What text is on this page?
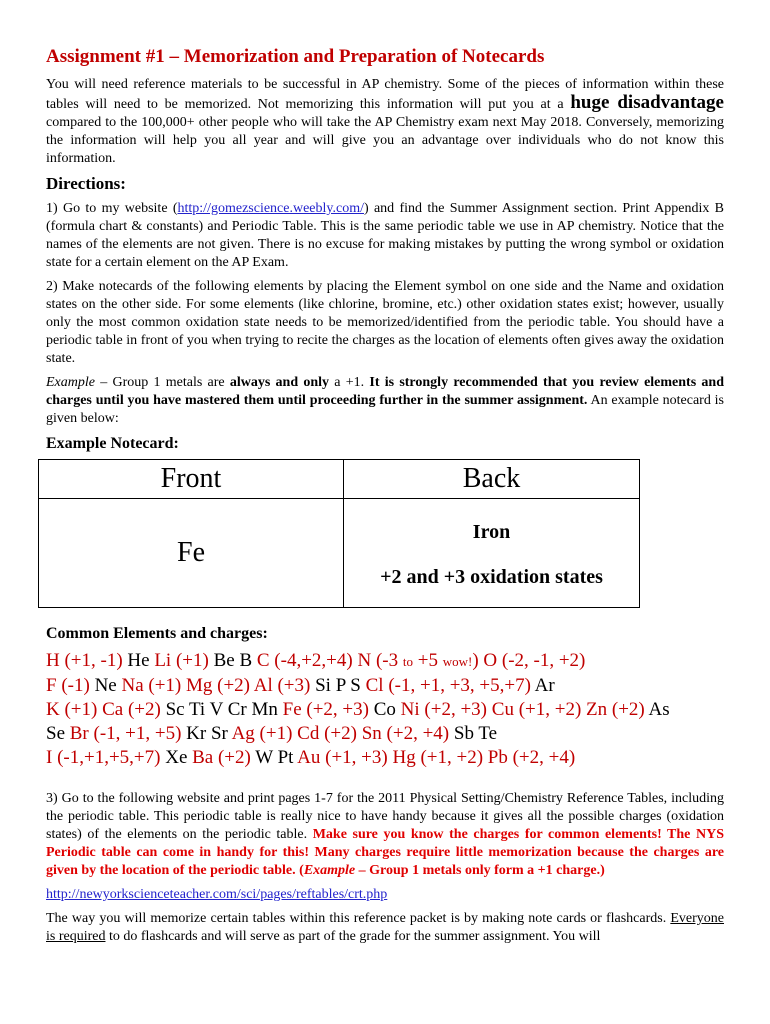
Assignment #1 – Memorization and Preparation of Notecards

You will need reference materials to be successful in AP chemistry. Some of the pieces of information within these tables will need to be memorized. Not memorizing this information will put you at a huge disadvantage compared to the 100,000+ other people who will take the AP Chemistry exam next May 2018. Conversely, memorizing the information will help you all year and will give you an advantage over individuals who do not know this information.

Directions:

1) Go to my website (http://gomezscience.weebly.com/) and find the Summer Assignment section. Print Appendix B (formula chart & constants) and Periodic Table. This is the same periodic table we use in AP chemistry. Notice that the names of the elements are not given. There is no excuse for making mistakes by putting the wrong symbol or oxidation state for a certain element on the AP Exam.

2) Make notecards of the following elements by placing the Element symbol on one side and the Name and oxidation states on the other side. For some elements (like chlorine, bromine, etc.) other oxidation states exist; however, usually only the most common oxidation state needs to be memorized/identified from the periodic table. You should have a periodic table in front of you when trying to recite the charges as the location of elements often gives away the oxidation state.

Example – Group 1 metals are always and only a +1. It is strongly recommended that you review elements and charges until you have mastered them until proceeding further in the summer assignment. An example notecard is given below:

Example Notecard:
Front	Back
Fe	Iron
+2 and +3 oxidation states
Common Elements and charges:
H (+1, -1) He Li (+1) Be B C (-4,+2,+4) N (-3 to +5 wow!) O (-2, -1, +2)
F (-1) Ne Na (+1) Mg (+2) Al (+3) Si P S Cl (-1, +1, +3, +5,+7) Ar
K (+1) Ca (+2) Sc Ti V Cr Mn Fe (+2, +3) Co Ni (+2, +3) Cu (+1, +2) Zn (+2) As
Se Br (-1, +1, +5) Kr Sr Ag (+1) Cd (+2) Sn (+2, +4) Sb Te
I (-1,+1,+5,+7) Xe Ba (+2) W Pt Au (+1, +3) Hg (+1, +2) Pb (+2, +4)

3) Go to the following website and print pages 1-7 for the 2011 Physical Setting/Chemistry Reference Tables, including the periodic table. This periodic table is really nice to have handy because it gives all the possible charges (oxidation states) of the elements on the periodic table. Make sure you know the charges for common elements! The NYS Periodic table can come in handy for this! Many charges require little memorization because the charges are given by the location of the periodic table. (Example – Group 1 metals only form a +1 charge.)

http://newyorkscienceteacher.com/sci/pages/reftables/crt.php

The way you will memorize certain tables within this reference packet is by making note cards or flashcards. Everyone is required to do flashcards and will serve as part of the grade for the summer assignment. You will
